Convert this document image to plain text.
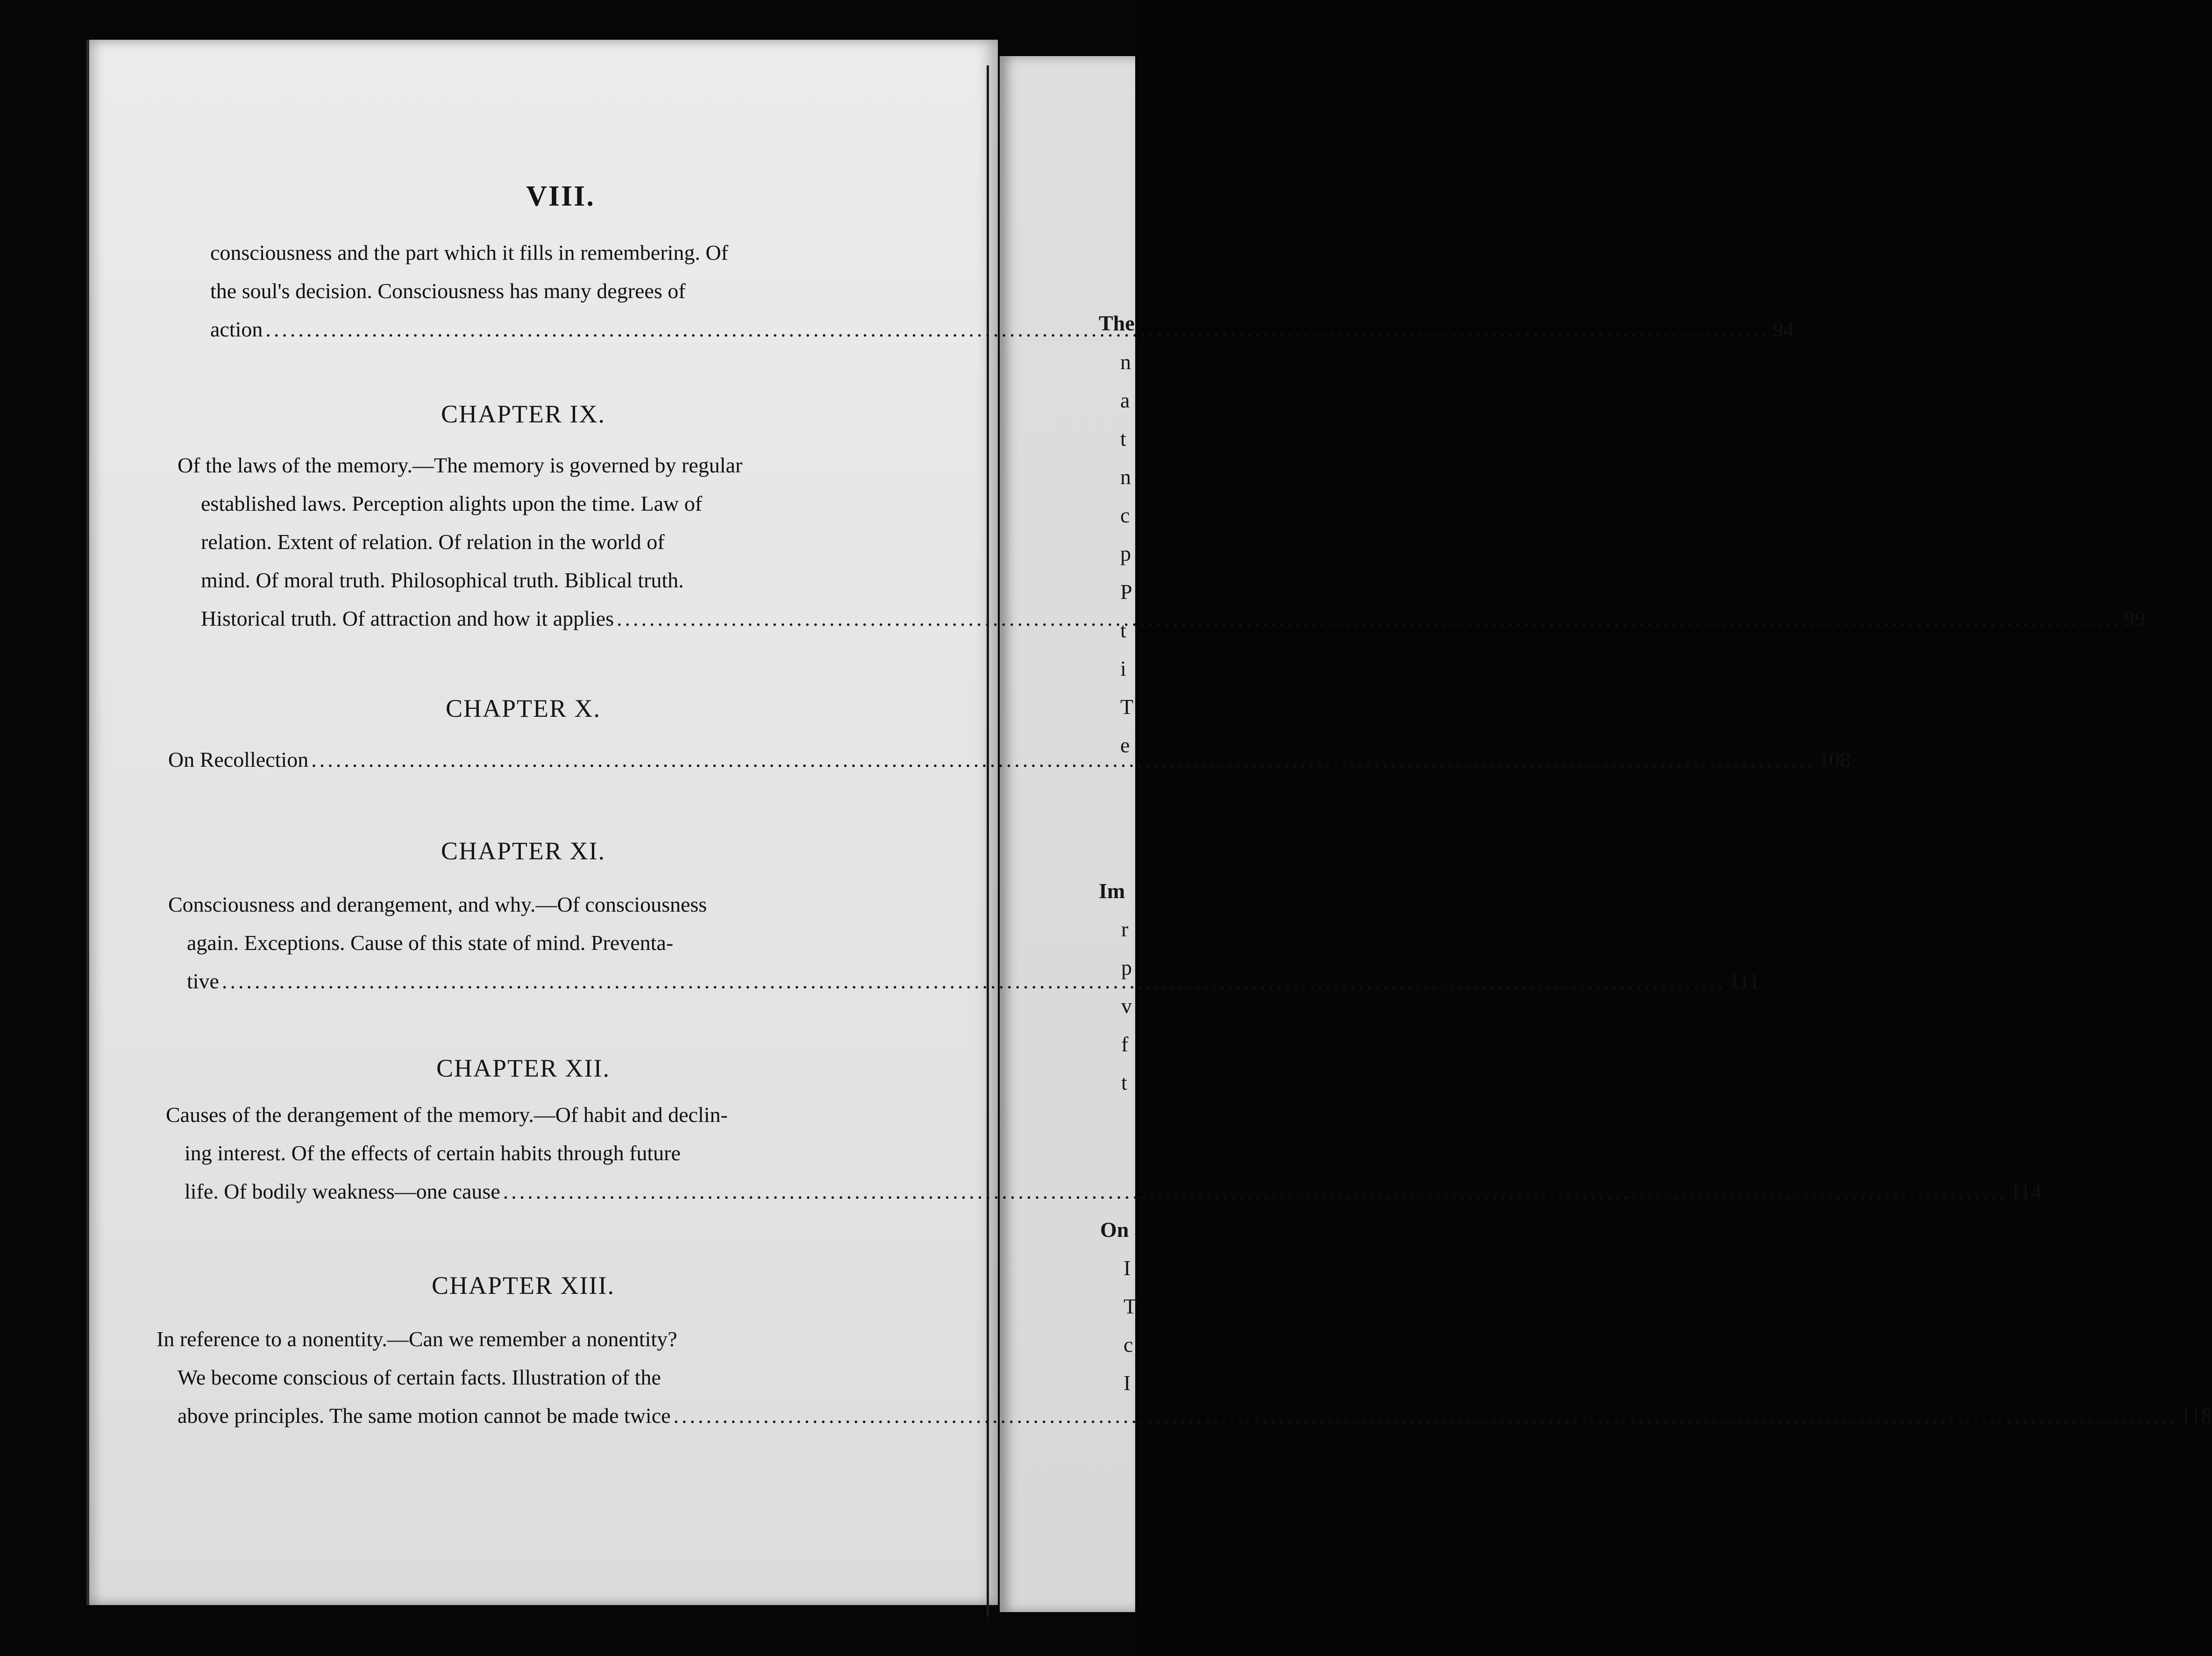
VIII.
consciousness and the part which it fills in remembering. Of
the soul's decision. Consciousness has many degrees of
action .....	94
CHAPTER IX.
Of the laws of the memory.—The memory is governed by regular
established laws. Perception alights upon the time. Law of
relation. Extent of relation. Of relation in the world of
mind. Of moral truth. Philosophical truth. Biblical truth.
Historical truth. Of attraction and how it applies .....	99
CHAPTER X.
On Recollection .....	108
CHAPTER XI.
Consciousness and derangement, and why.—Of consciousness
again. Exceptions. Cause of this state of mind. Preventa-
tive .....	111
CHAPTER XII.
Causes of the derangement of the memory.—Of habit and declin-
ing interest. Of the effects of certain habits through future
life. Of bodily weakness—one cause .....	114
CHAPTER XIII.
In reference to a nonentity.—Can we remember a nonentity?
We become conscious of certain facts. Illustration of the
above principles. The same motion cannot be made twice .....	118
The
n
a
t
n
c
p
P
t
i
T
e
Im
r
p
v
f
t
On
I
T
c
I
